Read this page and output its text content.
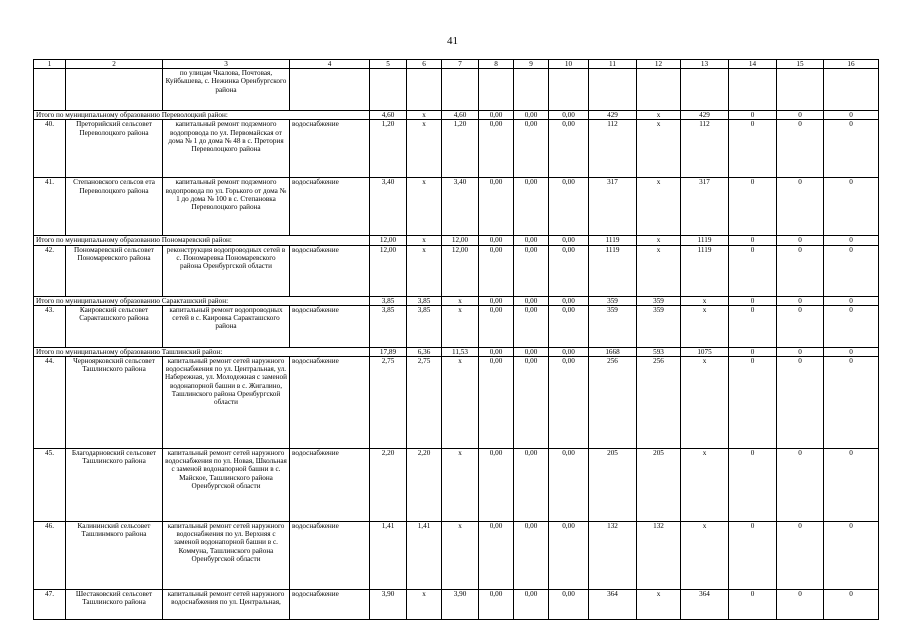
41
1	2	3	4	5	6	7	8	9	10	11	12	13	14	15	16
		по улицам Чкалова, Почтовая, Куйбышева, с. Нежинка Оренбургского района													
Итого по муниципальному образованию Переволоцкий район:				4,60	х	4,60	0,00	0,00	0,00	429	х	429	0	0	0
40.	Преторийский сельсовет Переволоцкого района	капитальный ремонт подземного водопровода по ул. Первомайская от дома № 1 до дома № 48 в с. Претория Переволоцкого района	водоснабжение	1,20	х	1,20	0,00	0,00	0,00	112	х	112	0	0	0
41.	Степановского сельсов ета Переволоцкого района	капитальный ремонт подземного водопровода по ул. Горького от дома № 1 до дома № 100 в с. Степановка Переволоцкого района	водоснабжение	3,40	х	3,40	0,00	0,00	0,00	317	х	317	0	0	0
Итого по муниципальному образованию Пономаревский район:				12,00	х	12,00	0,00	0,00	0,00	1119	х	1119	0	0	0
42.	Пономаревский сельсовет Пономаревского района	реконструкция водопроводных сетей в с. Пономаревка Пономаревского района Оренбургской области	водоснабжение	12,00	х	12,00	0,00	0,00	0,00	1119	х	1119	0	0	0
Итого по муниципальному образованию Саракташский район:				3,85	3,85	х	0,00	0,00	0,00	359	359	х	0	0	0
43.	Каировский сельсовет Саракташского района	капитальный ремонт водопроводных сетей в с. Каировка Саракташского района	водоснабжение	3,85	3,85	х	0,00	0,00	0,00	359	359	х	0	0	0
Итого по муниципальному образованию Ташлинский район:				17,89	6,36	11,53	0,00	0,00	0,00	1668	593	1075	0	0	0
44.	Черноярковский сельсовет Ташлинского района	капитальный ремонт сетей наружного водоснабжения по ул. Центральная, ул. Набережная, ул. Молодежная с заменой водонапорной башни в с. Жигалино, Ташлинского района Оренбургской области	водоснабжение	2,75	2,75	х	0,00	0,00	0,00	256	256	х	0	0	0
45.	Благодарновский сельсовет Ташлинского района	капитальный ремонт сетей наружного водоснабжения по ул. Новая, Школьная с заменой водонапорной башни в с. Майское, Ташлинского района Оренбургской области	водоснабжение	2,20	2,20	х	0,00	0,00	0,00	205	205	х	0	0	0
46.	Калининский сельсовет Ташлинмкого района	капитальный ремонт сетей наружного водоснабжения по ул. Верхняя с заменой водонапорной башни в с. Коммуна, Ташлинского района Оренбургской области	водоснабжение	1,41	1,41	х	0,00	0,00	0,00	132	132	х	0	0	0
47.	Шестаковский сельсовет Ташлинского района	капитальный ремонт сетей наружного водоснабжения по ул. Центральная,	водоснабжение	3,90	х	3,90	0,00	0,00	0,00	364	х	364	0	0	0
